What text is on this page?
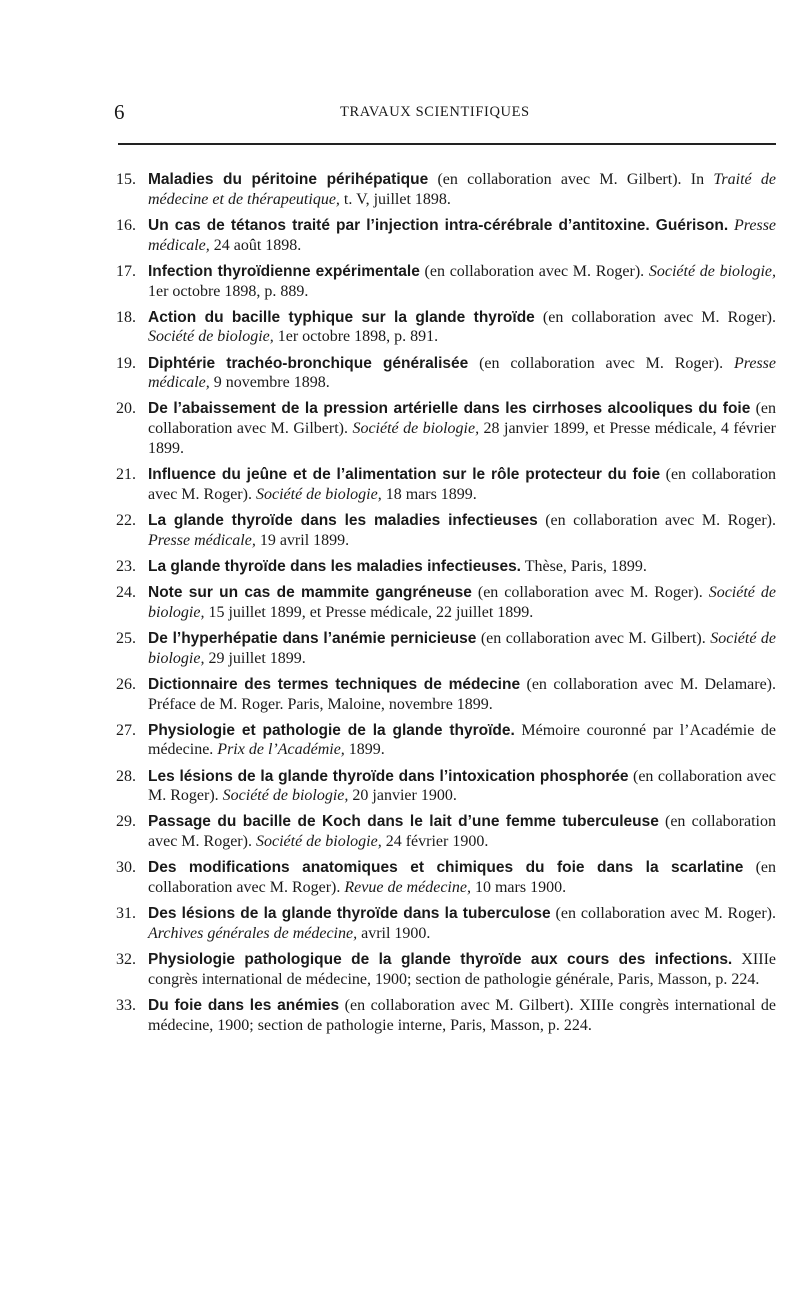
6	TRAVAUX SCIENTIFIQUES
15. Maladies du péritoine périhépatique (en collaboration avec M. Gilbert). In Traité de médecine et de thérapeutique, t. V, juillet 1898.
16. Un cas de tétanos traité par l’injection intra-cérébrale d’antitoxine. Guérison. Presse médicale, 24 août 1898.
17. Infection thyroïdienne expérimentale (en collaboration avec M. Roger). Société de biologie, 1er octobre 1898, p. 889.
18. Action du bacille typhique sur la glande thyroïde (en collaboration avec M. Roger). Société de biologie, 1er octobre 1898, p. 891.
19. Diphtérie trachéo-bronchique généralisée (en collaboration avec M. Roger). Presse médicale, 9 novembre 1898.
20. De l’abaissement de la pression artérielle dans les cirrhoses alcooliques du foie (en collaboration avec M. Gilbert). Société de biologie, 28 janvier 1899, et Presse médicale, 4 février 1899.
21. Influence du jeûne et de l’alimentation sur le rôle protecteur du foie (en collaboration avec M. Roger). Société de biologie, 18 mars 1899.
22. La glande thyroïde dans les maladies infectieuses (en collaboration avec M. Roger). Presse médicale, 19 avril 1899.
23. La glande thyroïde dans les maladies infectieuses. Thèse, Paris, 1899.
24. Note sur un cas de mammite gangréneuse (en collaboration avec M. Roger). Société de biologie, 15 juillet 1899, et Presse médicale, 22 juillet 1899.
25. De l’hyperhépatie dans l’anémie pernicieuse (en collaboration avec M. Gilbert). Société de biologie, 29 juillet 1899.
26. Dictionnaire des termes techniques de médecine (en collaboration avec M. Delamare). Préface de M. Roger. Paris, Maloine, novembre 1899.
27. Physiologie et pathologie de la glande thyroïde. Mémoire couronné par l’Académie de médecine. Prix de l’Académie, 1899.
28. Les lésions de la glande thyroïde dans l’intoxication phosphorée (en collaboration avec M. Roger). Société de biologie, 20 janvier 1900.
29. Passage du bacille de Koch dans le lait d’une femme tuberculeuse (en collaboration avec M. Roger). Société de biologie, 24 février 1900.
30. Des modifications anatomiques et chimiques du foie dans la scarlatine (en collaboration avec M. Roger). Revue de médecine, 10 mars 1900.
31. Des lésions de la glande thyroïde dans la tuberculose (en collaboration avec M. Roger). Archives générales de médecine, avril 1900.
32. Physiologie pathologique de la glande thyroïde aux cours des infections. XIIIe congrès international de médecine, 1900; section de pathologie générale, Paris, Masson, p. 224.
33. Du foie dans les anémies (en collaboration avec M. Gilbert). XIIIe congrès international de médecine, 1900; section de pathologie interne, Paris, Masson, p. 224.
